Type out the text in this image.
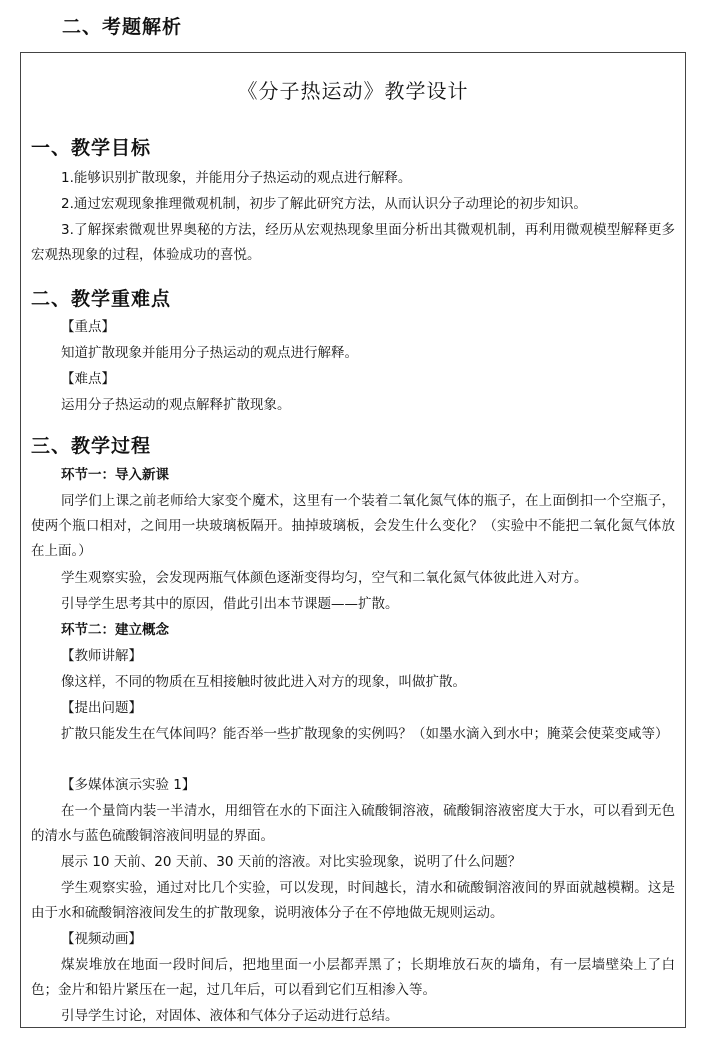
二、考题解析
《分子热运动》教学设计
一、教学目标
1.能够识别扩散现象，并能用分子热运动的观点进行解释。
2.通过宏观现象推理微观机制，初步了解此研究方法，从而认识分子动理论的初步知识。
3.了解探索微观世界奥秘的方法，经历从宏观热现象里面分析出其微观机制，再利用微观模型解释更多宏观热现象的过程，体验成功的喜悦。
二、教学重难点
【重点】
知道扩散现象并能用分子热运动的观点进行解释。
【难点】
运用分子热运动的观点解释扩散现象。
三、教学过程
环节一：导入新课
同学们上课之前老师给大家变个魔术，这里有一个装着二氧化氮气体的瓶子，在上面倒扣一个空瓶子，使两个瓶口相对，之间用一块玻璃板隔开。抽掉玻璃板，会发生什么变化？（实验中不能把二氧化氮气体放在上面。）
学生观察实验，会发现两瓶气体颜色逐渐变得均匀，空气和二氧化氮气体彼此进入对方。
引导学生思考其中的原因，借此引出本节课题——扩散。
环节二：建立概念
【教师讲解】
像这样，不同的物质在互相接触时彼此进入对方的现象，叫做扩散。
【提出问题】
扩散只能发生在气体间吗？能否举一些扩散现象的实例吗？（如墨水滴入到水中；腌菜会使菜变咸等）
【多媒体演示实验 1】
在一个量筒内装一半清水，用细管在水的下面注入硫酸铜溶液，硫酸铜溶液密度大于水，可以看到无色的清水与蓝色硫酸铜溶液间明显的界面。
展示 10 天前、20 天前、30 天前的溶液。对比实验现象，说明了什么问题？
学生观察实验，通过对比几个实验，可以发现，时间越长，清水和硫酸铜溶液间的界面就越模糊。这是由于水和硫酸铜溶液间发生的扩散现象，说明液体分子在不停地做无规则运动。
【视频动画】
煤炭堆放在地面一段时间后，把地里面一小层都弄黑了；长期堆放石灰的墙角，有一层墙壁染上了白色；金片和铅片紧压在一起，过几年后，可以看到它们互相渗入等。
引导学生讨论，对固体、液体和气体分子运动进行总结。
